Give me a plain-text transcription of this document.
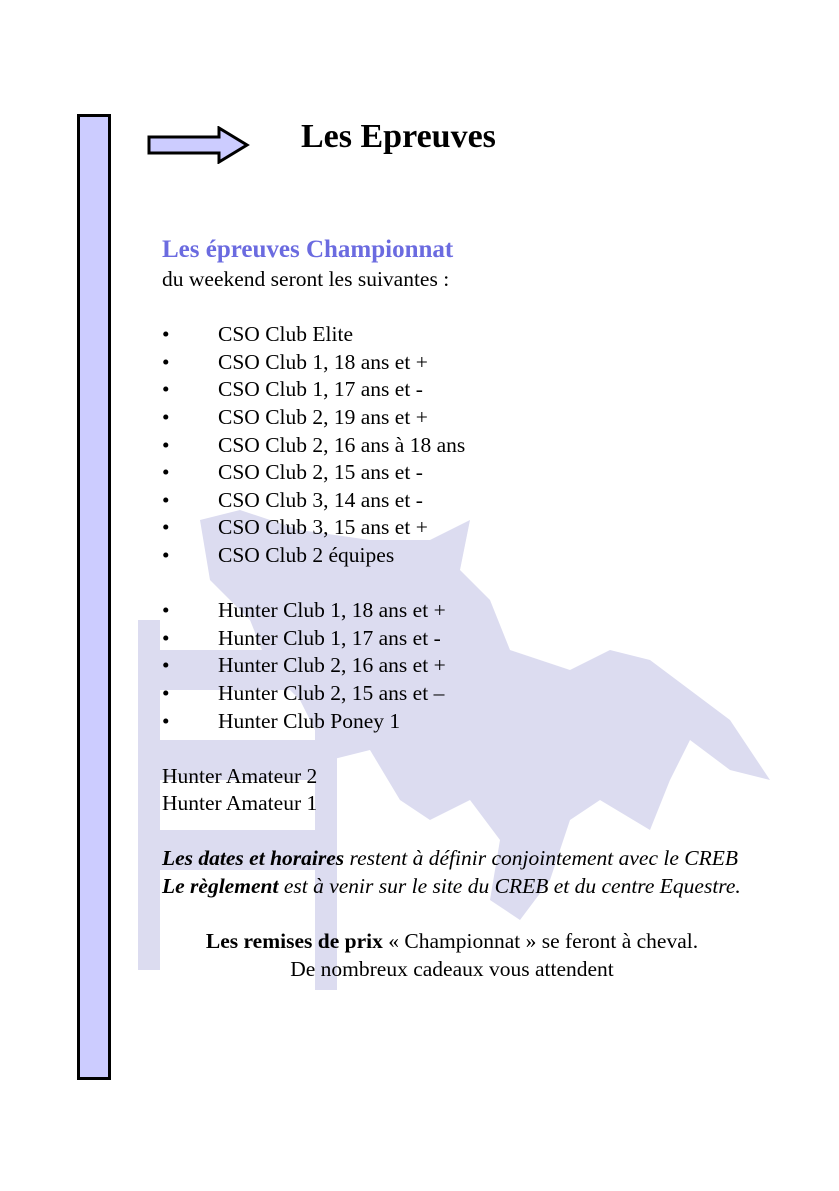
Les Epreuves
Les épreuves Championnat
du weekend seront les suivantes :
• CSO Club Elite
• CSO Club 1, 18 ans et +
• CSO Club 1, 17 ans et -
• CSO Club 2, 19 ans et +
• CSO Club 2, 16 ans à 18 ans
• CSO Club 2, 15 ans et -
• CSO Club 3, 14 ans et -
• CSO Club 3, 15 ans et +
• CSO Club 2 équipes
• Hunter Club 1, 18 ans et +
• Hunter Club 1, 17 ans et -
• Hunter Club 2, 16 ans et +
• Hunter Club 2, 15 ans et –
• Hunter Club Poney 1
Hunter Amateur 2
Hunter Amateur 1
Les dates et horaires restent à définir conjointement avec le CREB
Le règlement est à venir sur le site du CREB et du centre Equestre.
Les remises de prix « Championnat » se feront à cheval.
De nombreux cadeaux vous attendent
